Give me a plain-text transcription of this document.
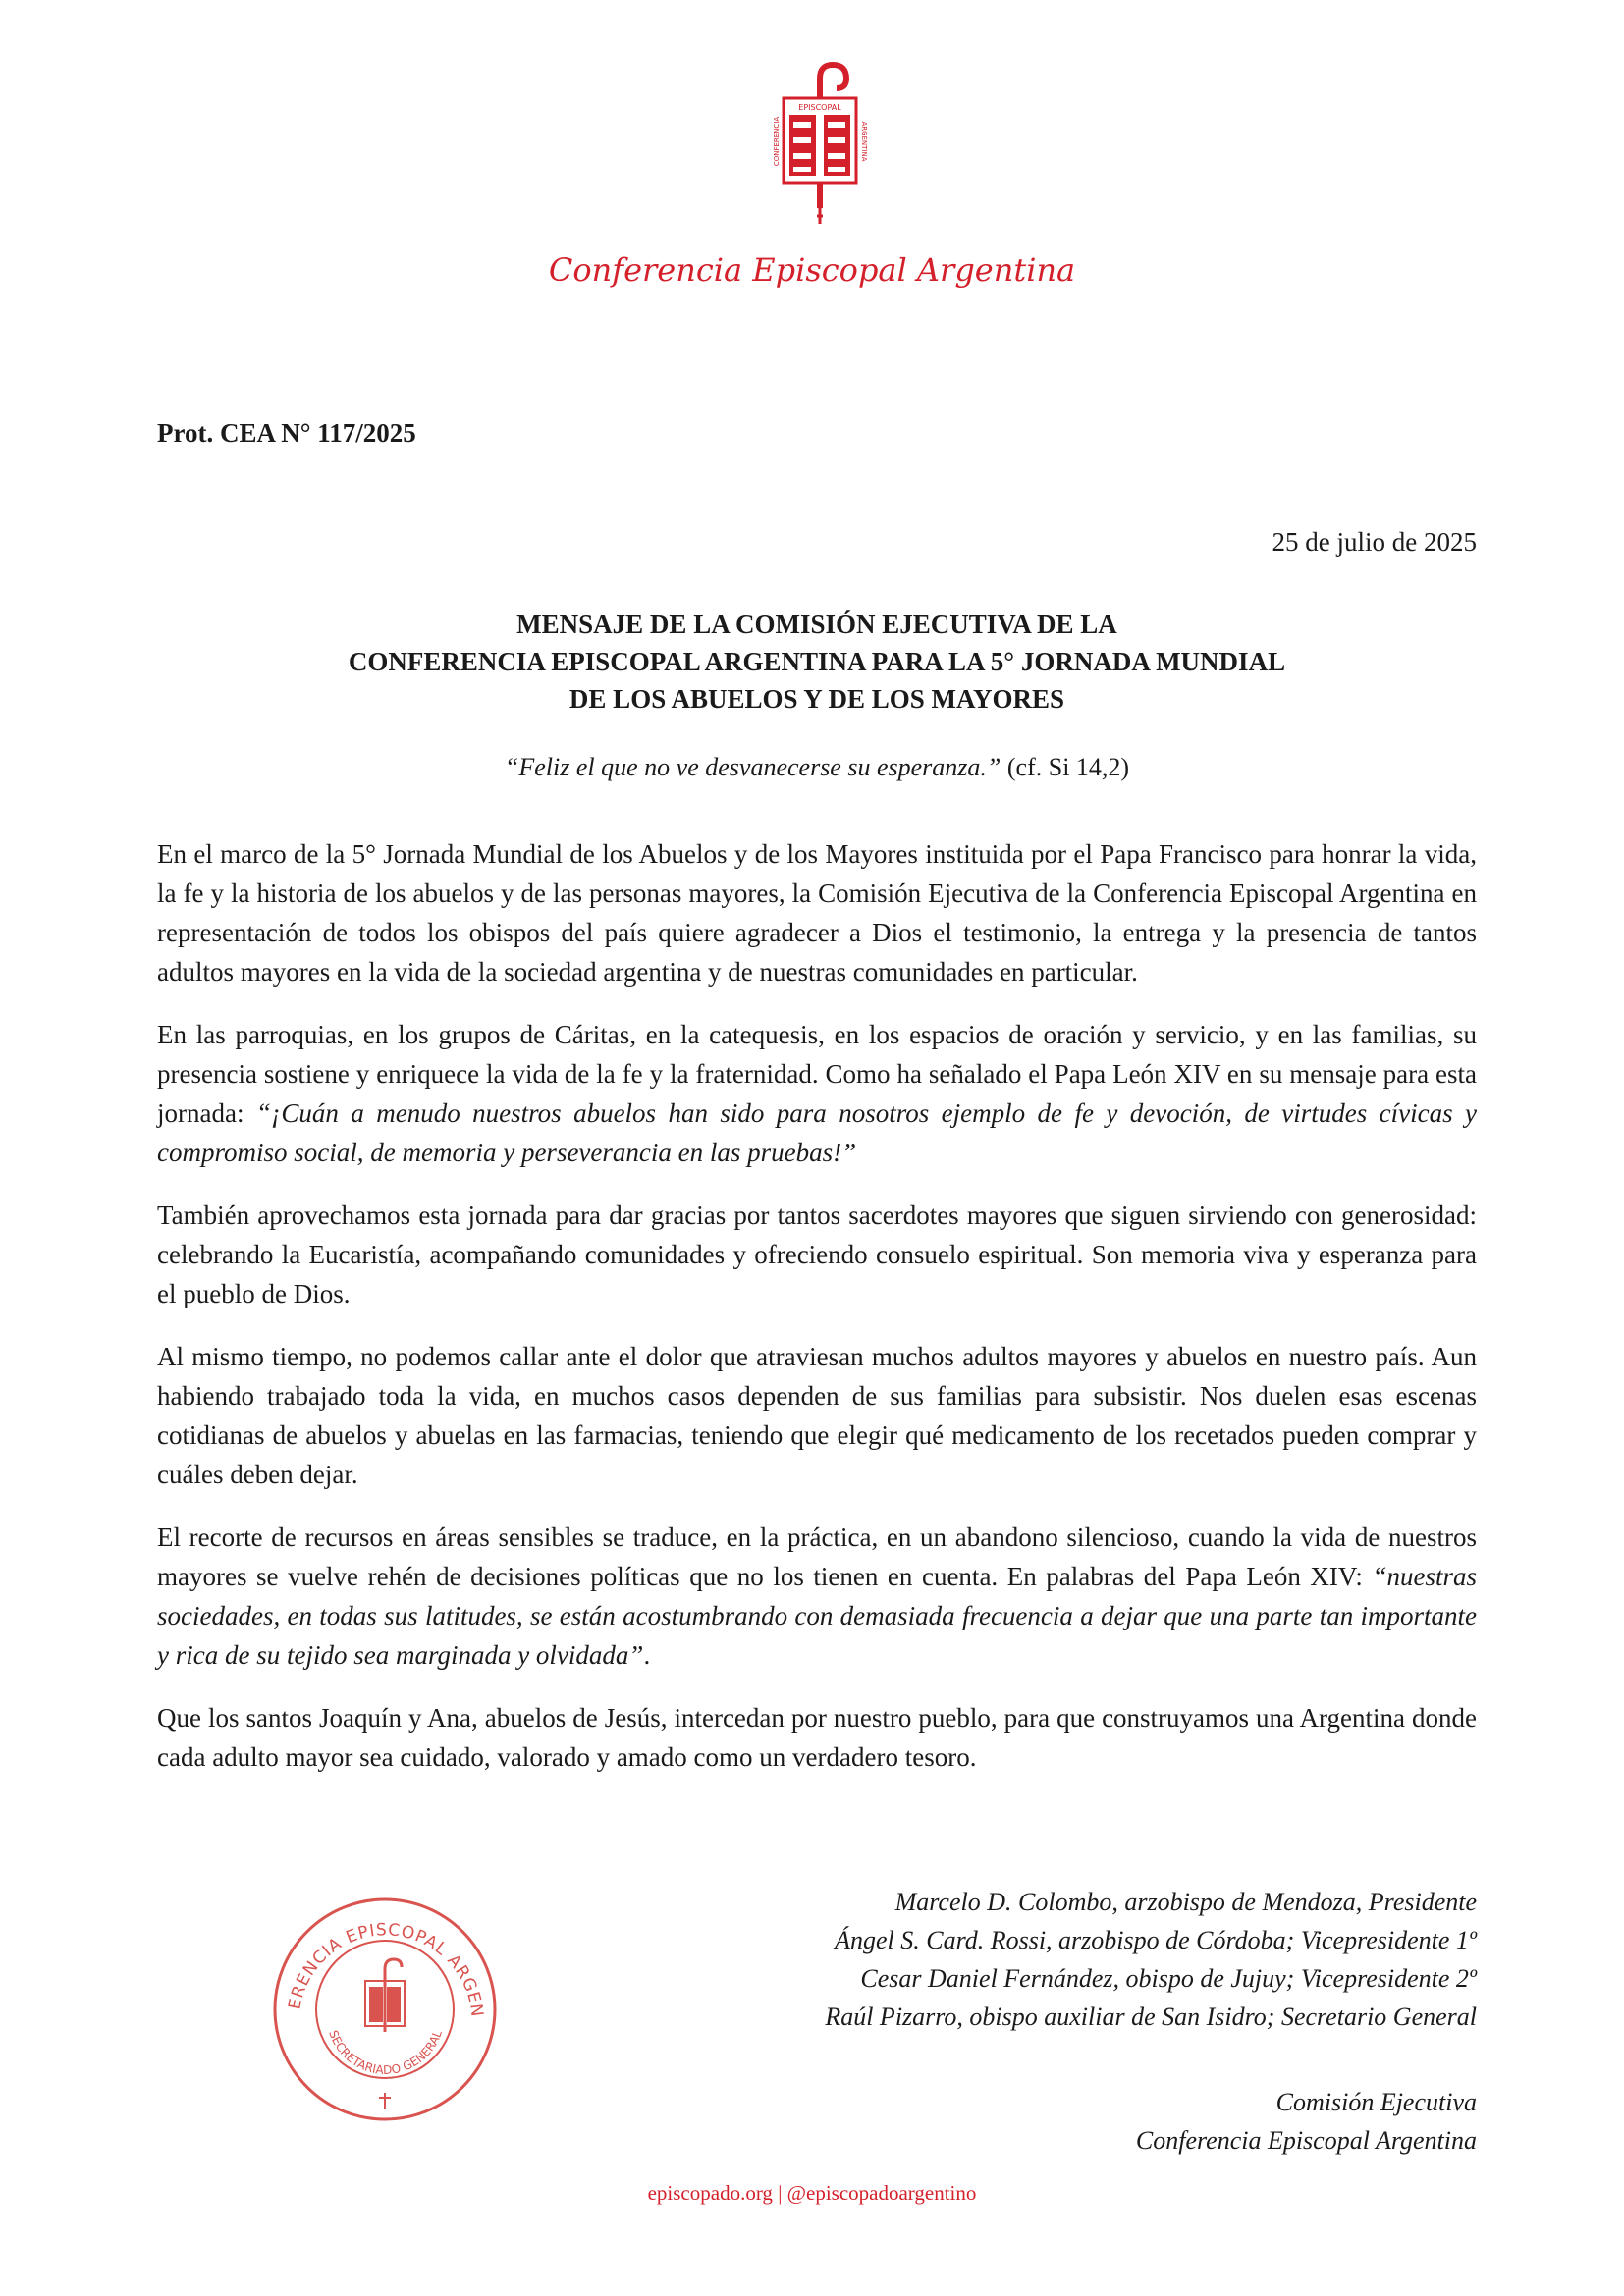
EPISCOPAL
CONFERENCIA	ARGENTINA
Conferencia Episcopal Argentina
Prot. CEA N° 117/2025
25 de julio de 2025
MENSAJE DE LA COMISIÓN EJECUTIVA DE LA
CONFERENCIA EPISCOPAL ARGENTINA PARA LA 5° JORNADA MUNDIAL
DE LOS ABUELOS Y DE LOS MAYORES
“Feliz el que no ve desvanecerse su esperanza.” (cf. Si 14,2)

En el marco de la 5° Jornada Mundial de los Abuelos y de los Mayores instituida por el Papa Francisco para honrar la vida, la fe y la historia de los abuelos y de las personas mayores, la Comisión Ejecutiva de la Conferencia Episcopal Argentina en representación de todos los obispos del país quiere agradecer a Dios el testimonio, la entrega y la presencia de tantos adultos mayores en la vida de la sociedad argentina y de nuestras comunidades en particular.

En las parroquias, en los grupos de Cáritas, en la catequesis, en los espacios de oración y servicio, y en las familias, su presencia sostiene y enriquece la vida de la fe y la fraternidad. Como ha señalado el Papa León XIV en su mensaje para esta jornada: “¡Cuán a menudo nuestros abuelos han sido para nosotros ejemplo de fe y devoción, de virtudes cívicas y compromiso social, de memoria y perseverancia en las pruebas!”

También aprovechamos esta jornada para dar gracias por tantos sacerdotes mayores que siguen sirviendo con generosidad: celebrando la Eucaristía, acompañando comunidades y ofreciendo consuelo espiritual. Son memoria viva y esperanza para el pueblo de Dios.

Al mismo tiempo, no podemos callar ante el dolor que atraviesan muchos adultos mayores y abuelos en nuestro país. Aun habiendo trabajado toda la vida, en muchos casos dependen de sus familias para subsistir. Nos duelen esas escenas cotidianas de abuelos y abuelas en las farmacias, teniendo que elegir qué medicamento de los recetados pueden comprar y cuáles deben dejar.

El recorte de recursos en áreas sensibles se traduce, en la práctica, en un abandono silencioso, cuando la vida de nuestros mayores se vuelve rehén de decisiones políticas que no los tienen en cuenta. En palabras del Papa León XIV: “nuestras sociedades, en todas sus latitudes, se están acostumbrando con demasiada frecuencia a dejar que una parte tan importante y rica de su tejido sea marginada y olvidada”.

Que los santos Joaquín y Ana, abuelos de Jesús, intercedan por nuestro pueblo, para que construyamos una Argentina donde cada adulto mayor sea cuidado, valorado y amado como un verdadero tesoro.

ERENCIA EPISCOPAL ARGEN
SECRETARIADO GENERAL
Marcelo D. Colombo, arzobispo de Mendoza, Presidente
Ángel S. Card. Rossi, arzobispo de Córdoba; Vicepresidente 1º
Cesar Daniel Fernández, obispo de Jujuy; Vicepresidente 2º
Raúl Pizarro, obispo auxiliar de San Isidro; Secretario General
Comisión Ejecutiva
Conferencia Episcopal Argentina
episcopado.org | @episcopadoargentino
